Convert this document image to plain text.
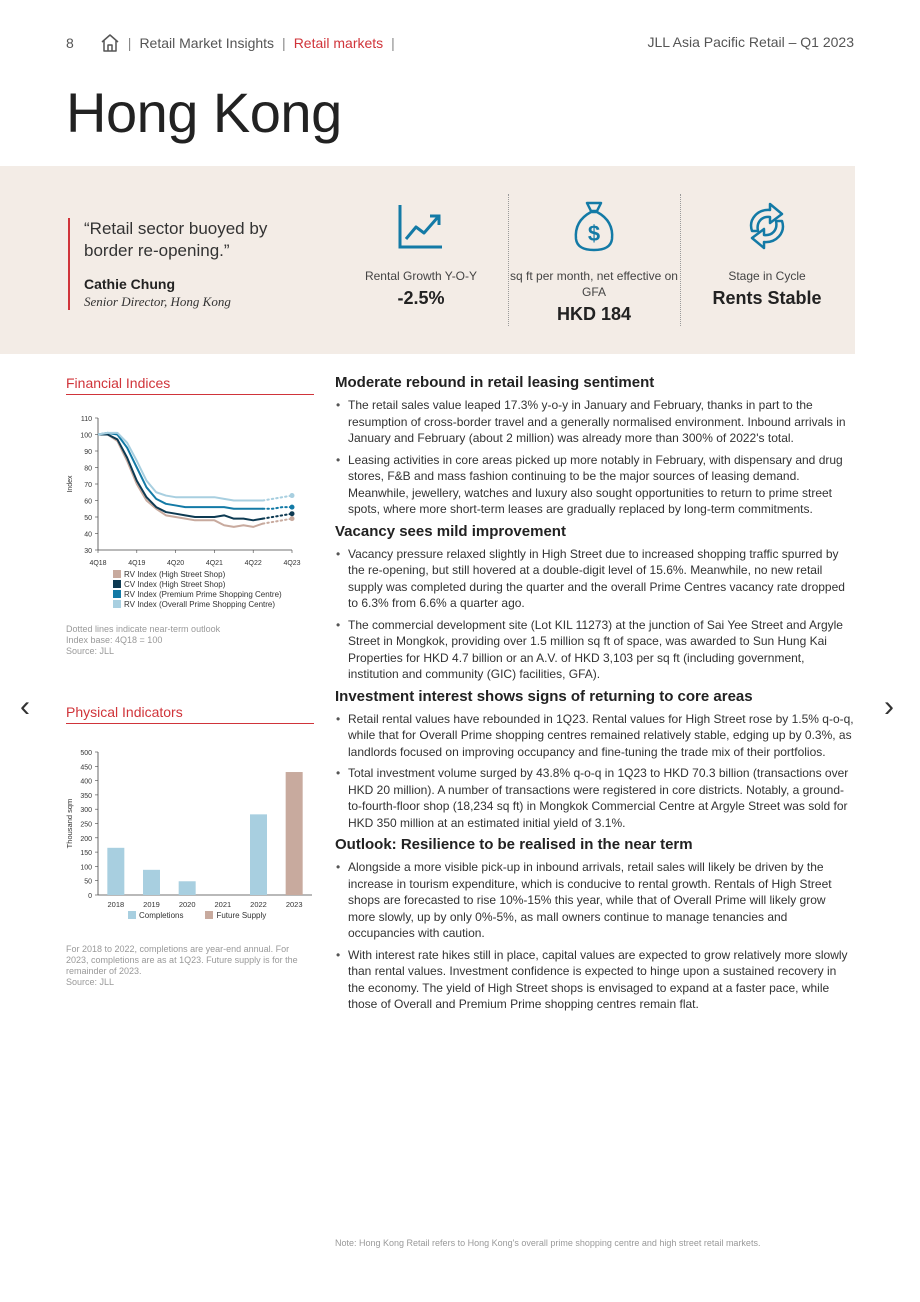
8	| Retail Market Insights | Retail markets |	JLL Asia Pacific Retail – Q1 2023
Hong Kong
“Retail sector buoyed by border re-opening.”
Cathie Chung
Senior Director, Hong Kong
Rental Growth Y-O-Y
-2.5%
$
sq ft per month, net effective on GFA
HKD 184
Stage in Cycle
Rents Stable
Financial Indices
30
40
50
60
70
80
90
100
110
4Q18	4Q19	4Q20	4Q21	4Q22	4Q23
Index
RV Index (High Street Shop)
CV Index (High Street Shop)
RV Index (Premium Prime Shopping Centre)
RV Index (Overall Prime Shopping Centre)
Dotted lines indicate near-term outlook
Index base: 4Q18 = 100
Source: JLL
Physical Indicators
0
50
100
150
200
250
300
350
400
450
500
Thousand sqm
2018	2019	2020	2021	2022	2023
Completions	Future Supply
For 2018 to 2022, completions are year-end annual. For 2023, completions are as at 1Q23. Future supply is for the remainder of 2023.
Source: JLL
Moderate rebound in retail leasing sentiment
• The retail sales value leaped 17.3% y-o-y in January and February, thanks in part to the resumption of cross-border travel and a generally normalised environment. Inbound arrivals in January and February (about 2 million) was already more than 300% of 2022's total.
• Leasing activities in core areas picked up more notably in February, with dispensary and drug stores, F&B and mass fashion continuing to be the major sources of leasing demand. Meanwhile, jewellery, watches and luxury also sought opportunities to return to prime street spots, where more short-term leases are gradually replaced by long-term commitments.
Vacancy sees mild improvement
• Vacancy pressure relaxed slightly in High Street due to increased shopping traffic spurred by the re-opening, but still hovered at a double-digit level of 15.6%. Meanwhile, no new retail supply was completed during the quarter and the overall Prime Centres vacancy rate dropped to 6.3% from 6.6% a quarter ago.
• The commercial development site (Lot KIL 11273) at the junction of Sai Yee Street and Argyle Street in Mongkok, providing over 1.5 million sq ft of space, was awarded to Sun Hung Kai Properties for HKD 4.7 billion or an A.V. of HKD 3,103 per sq ft (including government, institution and community (GIC) facilities, GFA).
Investment interest shows signs of returning to core areas
• Retail rental values have rebounded in 1Q23. Rental values for High Street rose by 1.5% q-o-q, while that for Overall Prime shopping centres remained relatively stable, edging up by 0.3%, as landlords focused on improving occupancy and fine-tuning the trade mix of their portfolios.
• Total investment volume surged by 43.8% q-o-q in 1Q23 to HKD 70.3 billion (transactions over HKD 20 million). A number of transactions were registered in core districts. Notably, a ground-to-fourth-floor shop (18,234 sq ft) in Mongkok Commercial Centre at Argyle Street was sold for HKD 350 million at an estimated initial yield of 3.1%.
Outlook: Resilience to be realised in the near term
• Alongside a more visible pick-up in inbound arrivals, retail sales will likely be driven by the increase in tourism expenditure, which is conducive to rental growth. Rentals of High Street shops are forecasted to rise 10%-15% this year, while that of Overall Prime will likely grow more slowly, up by only 0%-5%, as mall owners continue to manage tenancies and occupancies with caution.
• With interest rate hikes still in place, capital values are expected to grow relatively more slowly than rental values. Investment confidence is expected to hinge upon a sustained recovery in the economy. The yield of High Street shops is envisaged to expand at a faster pace, while those of Overall and Premium Prime shopping centres remain flat.
‹	›
Note: Hong Kong Retail refers to Hong Kong's overall prime shopping centre and high street retail markets.
